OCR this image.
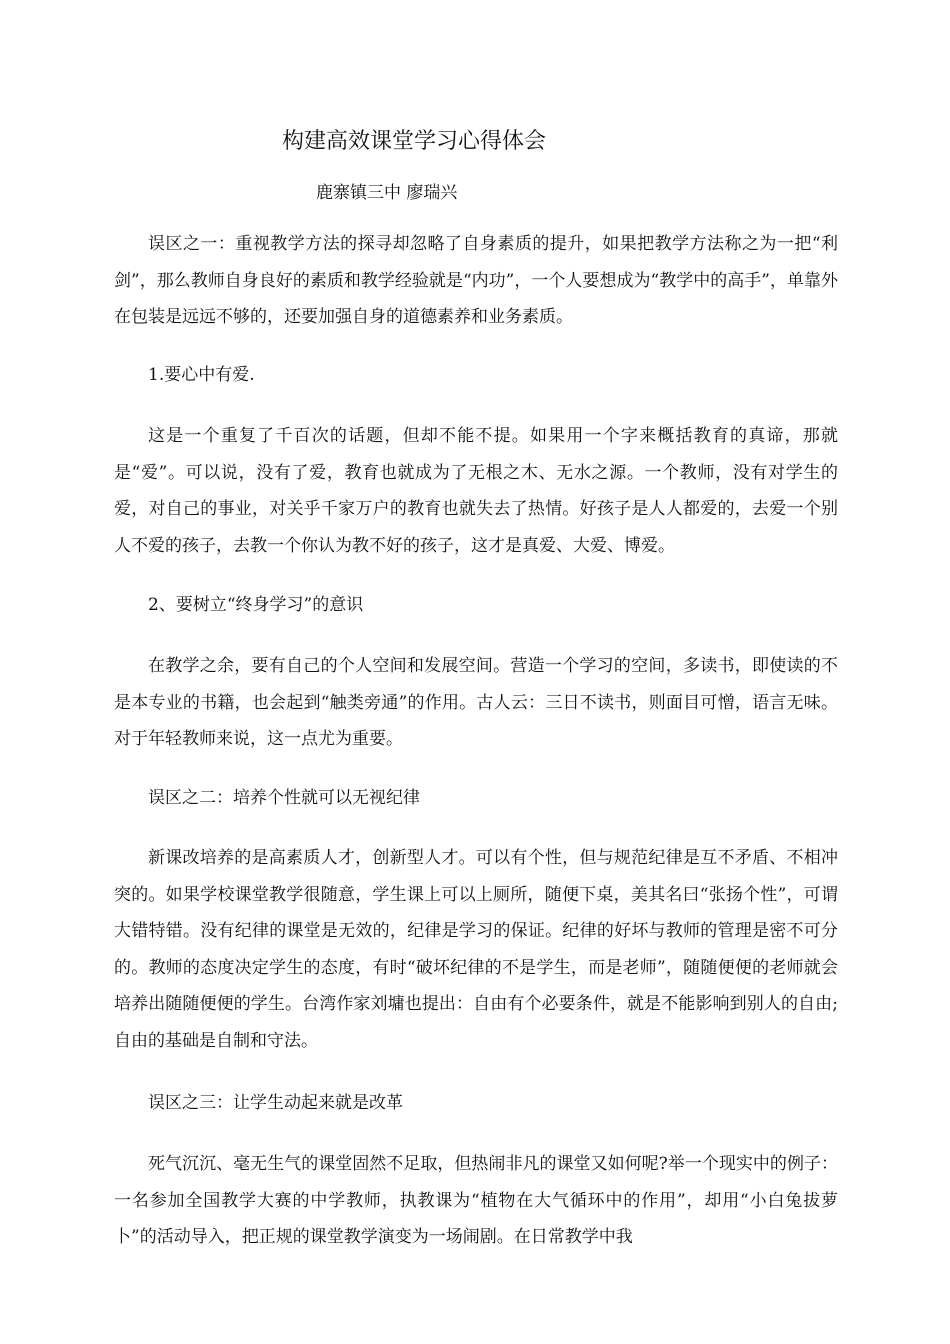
构建高效课堂学习心得体会
鹿寨镇三中 廖瑞兴

误区之一：重视教学方法的探寻却忽略了自身素质的提升，如果把教学方法称之为一把“利剑”，那么教师自身良好的素质和教学经验就是“内功”，一个人要想成为“教学中的高手”，单靠外在包装是远远不够的，还要加强自身的道德素养和业务素质。

1.要心中有爱.

这是一个重复了千百次的话题，但却不能不提。如果用一个字来概括教育的真谛，那就是“爱”。可以说，没有了爱，教育也就成为了无根之木、无水之源。一个教师，没有对学生的爱，对自己的事业，对关乎千家万户的教育也就失去了热情。好孩子是人人都爱的，去爱一个别人不爱的孩子，去教一个你认为教不好的孩子，这才是真爱、大爱、博爱。

2、要树立“终身学习”的意识

在教学之余，要有自己的个人空间和发展空间。营造一个学习的空间，多读书，即使读的不是本专业的书籍，也会起到“触类旁通”的作用。古人云：三日不读书，则面目可憎，语言无味。对于年轻教师来说，这一点尤为重要。

误区之二：培养个性就可以无视纪律

新课改培养的是高素质人才，创新型人才。可以有个性，但与规范纪律是互不矛盾、不相冲突的。如果学校课堂教学很随意，学生课上可以上厕所，随便下桌，美其名曰“张扬个性”，可谓大错特错。没有纪律的课堂是无效的，纪律是学习的保证。纪律的好坏与教师的管理是密不可分的。教师的态度决定学生的态度，有时“破坏纪律的不是学生，而是老师”，随随便便的老师就会培养出随随便便的学生。台湾作家刘墉也提出：自由有个必要条件，就是不能影响到别人的自由;自由的基础是自制和守法。

误区之三：让学生动起来就是改革

死气沉沉、毫无生气的课堂固然不足取，但热闹非凡的课堂又如何呢?举一个现实中的例子：一名参加全国教学大赛的中学教师，执教课为“植物在大气循环中的作用”，却用“小白兔拔萝卜”的活动导入，把正规的课堂教学演变为一场闹剧。在日常教学中我
